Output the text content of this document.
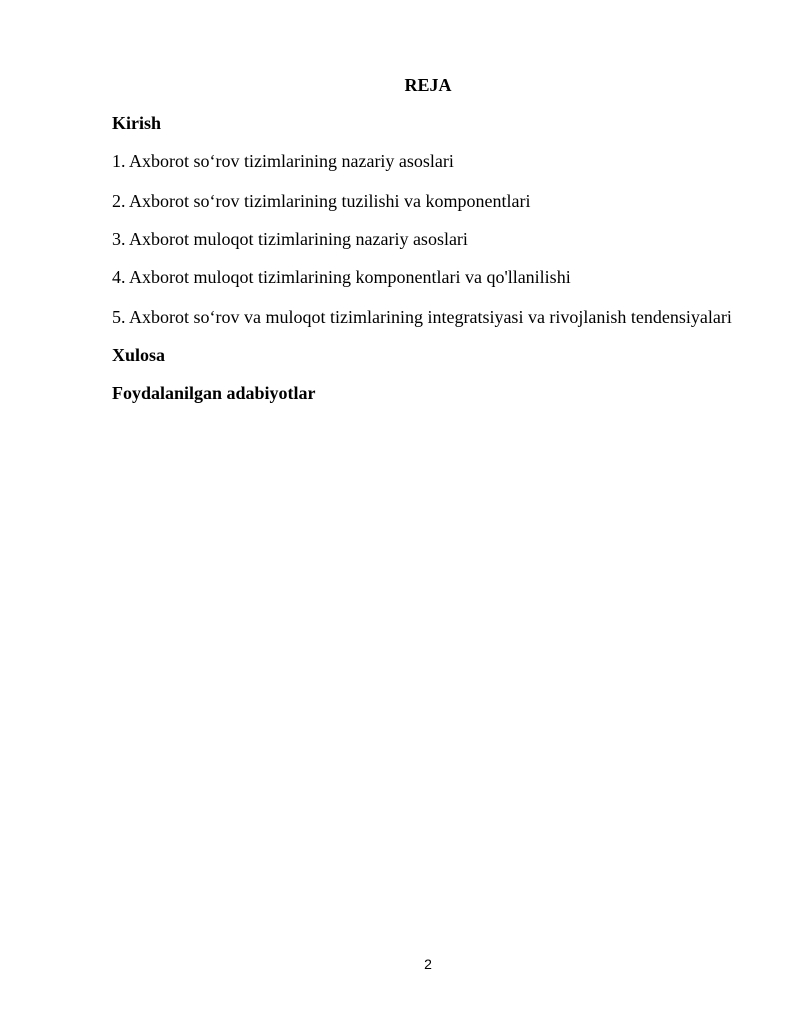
REJA
Kirish
1. Axborot so‘rov tizimlarining nazariy asoslari
2. Axborot so‘rov tizimlarining tuzilishi va komponentlari
3. Axborot muloqot tizimlarining nazariy asoslari
4. Axborot muloqot tizimlarining komponentlari va qo'llanilishi
5. Axborot so‘rov va muloqot tizimlarining integratsiyasi va rivojlanish tendensiyalari
Xulosa
Foydalanilgan adabiyotlar
2
